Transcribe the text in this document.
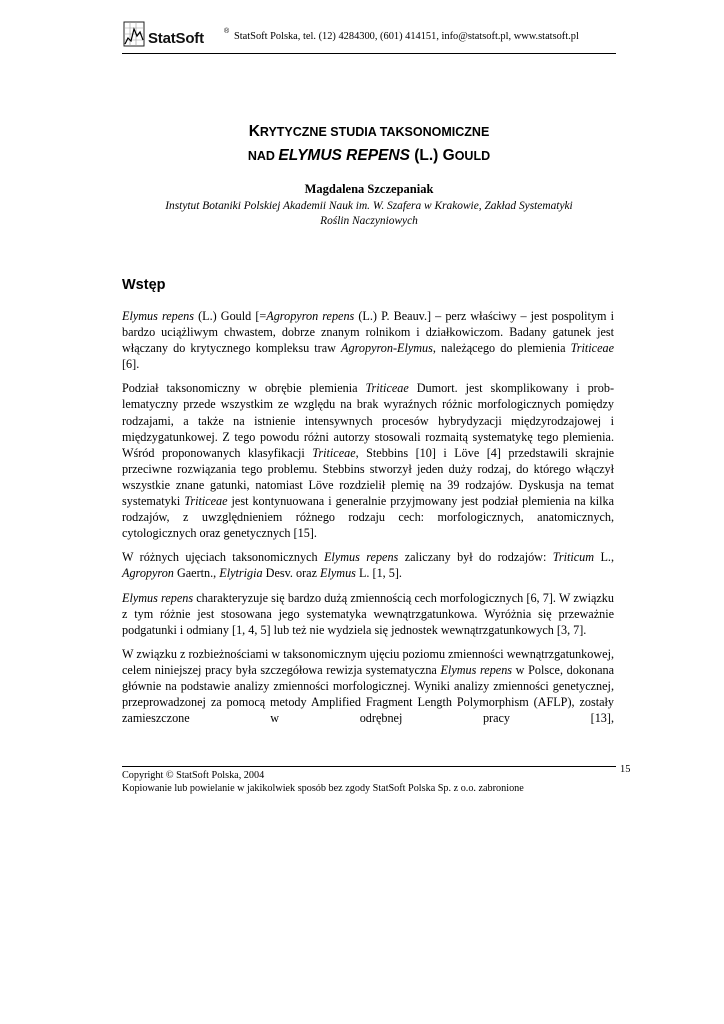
StatSoft	® StatSoft Polska, tel. (12) 4284300, (601) 414151, info@statsoft.pl, www.statsoft.pl
KRYTYCZNE STUDIA TAKSONOMICZNE
NAD ELYMUS REPENS (L.) GOULD
Magdalena Szczepaniak
Instytut Botaniki Polskiej Akademii Nauk im. W. Szafera w Krakowie, Zakład Systematyki
Roślin Naczyniowych
Wstęp

Elymus repens (L.) Gould [=Agropyron repens (L.) P. Beauv.] – perz właściwy – jest pospolitym i bardzo uciążliwym chwastem, dobrze znanym rolnikom i działkowiczom. Badany gatunek jest włączany do krytycznego kompleksu traw Agropyron-Elymus, należącego do plemienia Triticeae [6].

Podział taksonomiczny w obrębie plemienia Triticeae Dumort. jest skomplikowany i problematyczny przede wszystkim ze względu na brak wyraźnych różnic morfologicznych pomiędzy rodzajami, a także na istnienie intensywnych procesów hybrydyzacji międzyrodzajowej i międzygatunkowej. Z tego powodu różni autorzy stosowali rozmaitą systematykę tego plemienia. Wśród proponowanych klasyfikacji Triticeae, Stebbins [10] i Löve [4] przedstawili skrajnie przeciwne rozwiązania tego problemu. Stebbins stworzył jeden duży rodzaj, do którego włączył wszystkie znane gatunki, natomiast Löve rozdzielił plemię na 39 rodzajów. Dyskusja na temat systematyki Triticeae jest kontynuowana i generalnie przyjmowany jest podział plemienia na kilka rodzajów, z uwzględnieniem różnego rodzaju cech: morfologicznych, anatomicznych, cytologicznych oraz genetycznych [15].

W różnych ujęciach taksonomicznych Elymus repens zaliczany był do rodzajów: Triticum L., Agropyron Gaertn., Elytrigia Desv. oraz Elymus L. [1, 5].

Elymus repens charakteryzuje się bardzo dużą zmiennością cech morfologicznych [6, 7]. W związku z tym różnie jest stosowana jego systematyka wewnątrzgatunkowa. Wyróżnia się przeważnie podgatunki i odmiany [1, 4, 5] lub też nie wydziela się jednostek wewnątrzgatunkowych [3, 7].

W związku z rozbieżnościami w taksonomicznym ujęciu poziomu zmienności wewnątrzgatunkowej, celem niniejszej pracy była szczegółowa rewizja systematyczna Elymus repens w Polsce, dokonana głównie na podstawie analizy zmienności morfologicznej. Wyniki analizy zmienności genetycznej, przeprowadzonej za pomocą metody Amplified Fragment Length Polymorphism (AFLP), zostały zamieszczone w odrębnej pracy [13],

15
Copyright © StatSoft Polska, 2004
Kopiowanie lub powielanie w jakikolwiek sposób bez zgody StatSoft Polska Sp. z o.o. zabronione
